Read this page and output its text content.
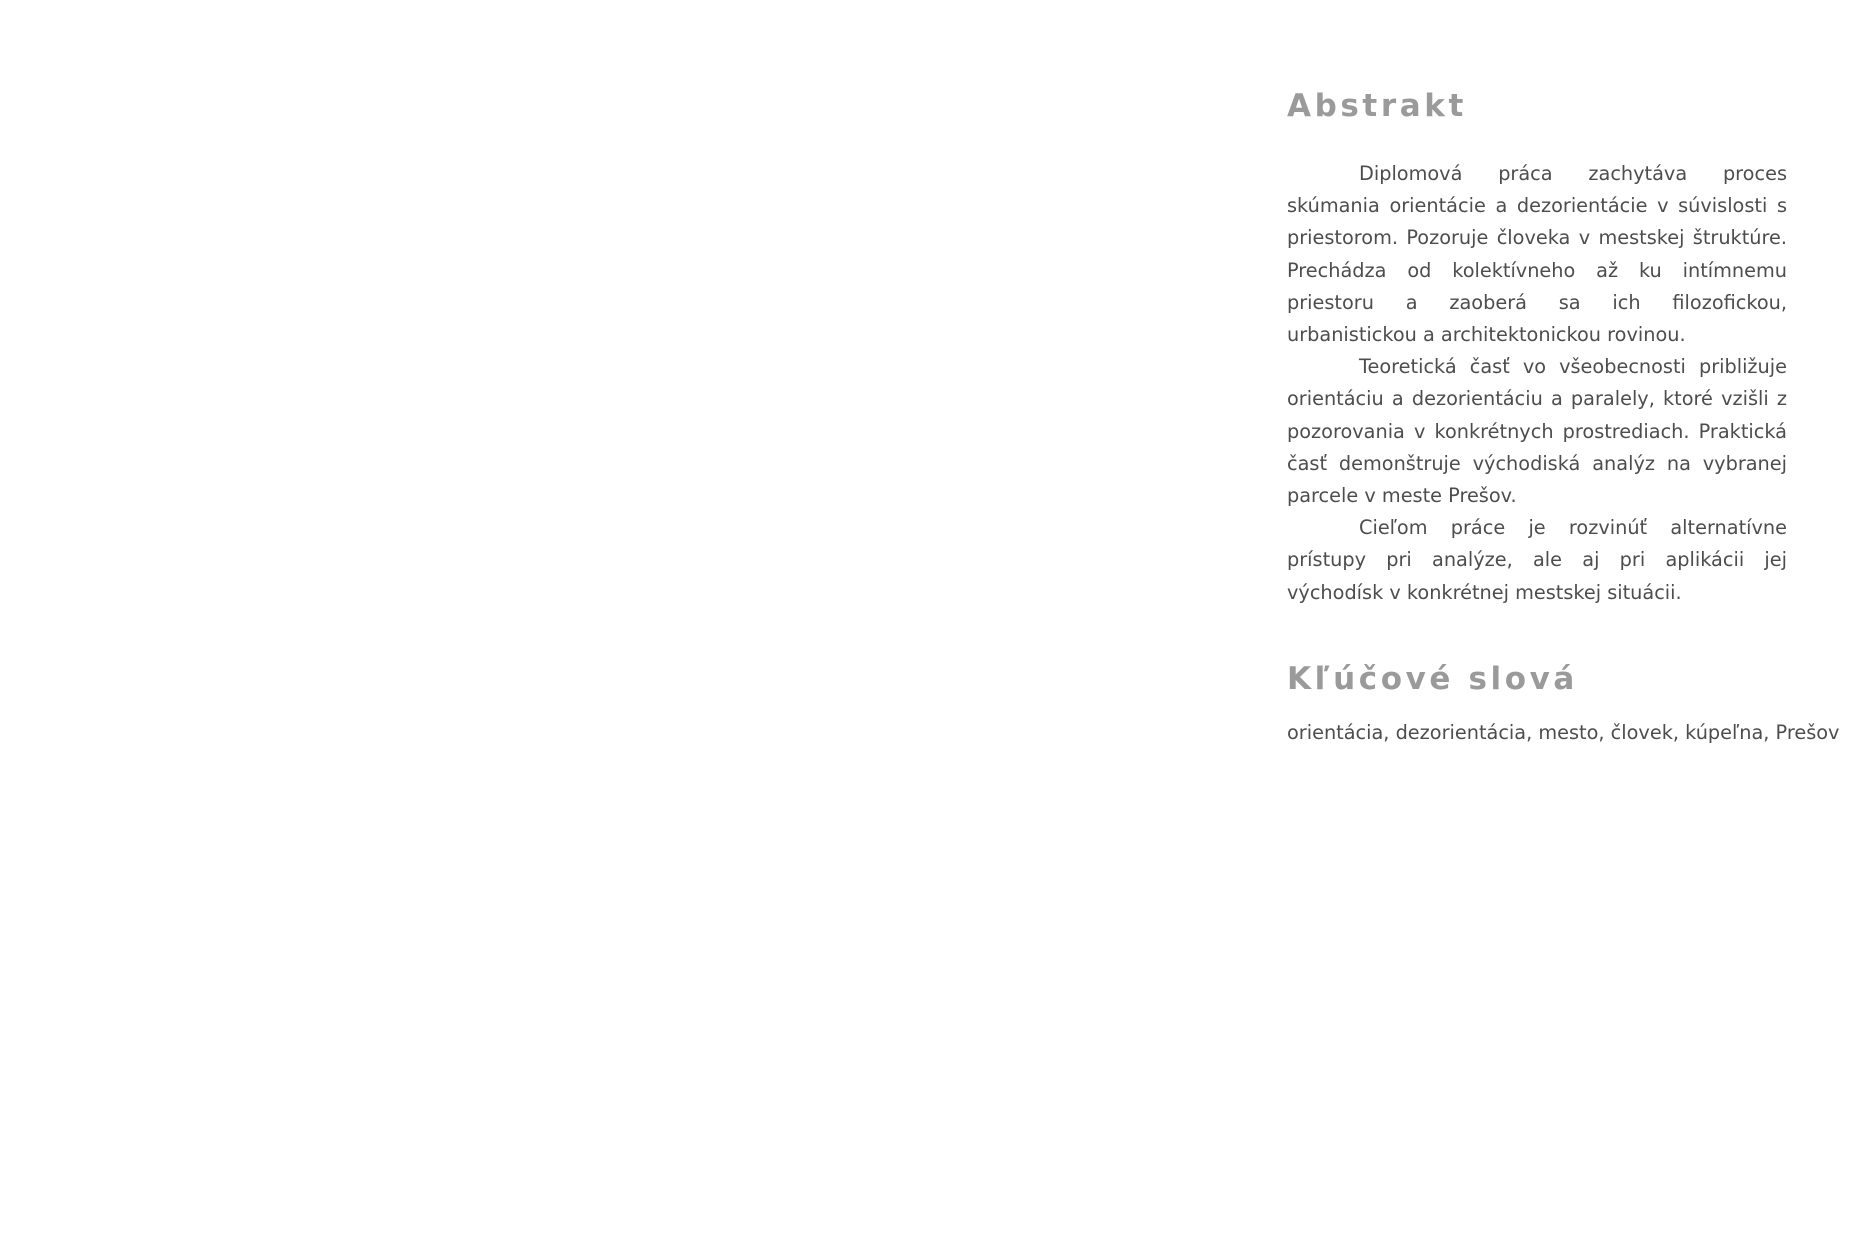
Abstrakt

Diplomová práca zachytáva proces skúmania orientácie a dezorientácie v súvislosti s priestorom. Pozoruje človeka v mestskej štruktúre. Prechádza od kolektívneho až ku intímnemu priestoru a zaoberá sa ich filozofickou, urbanistickou a architektonickou rovinou.

Teoretická časť vo všeobecnosti približuje orientáciu a dezorientáciu a paralely, ktoré vzišli z pozorovania v konkrétnych prostrediach. Praktická časť demonštruje východiská analýz na vybranej parcele v meste Prešov.

Cieľom práce je rozvinúť alternatívne prístupy pri analýze, ale aj pri aplikácii jej východísk v konkrétnej mestskej situácii.

Kľúčové slová
orientácia, dezorientácia, mesto, človek, kúpeľna, Prešov
